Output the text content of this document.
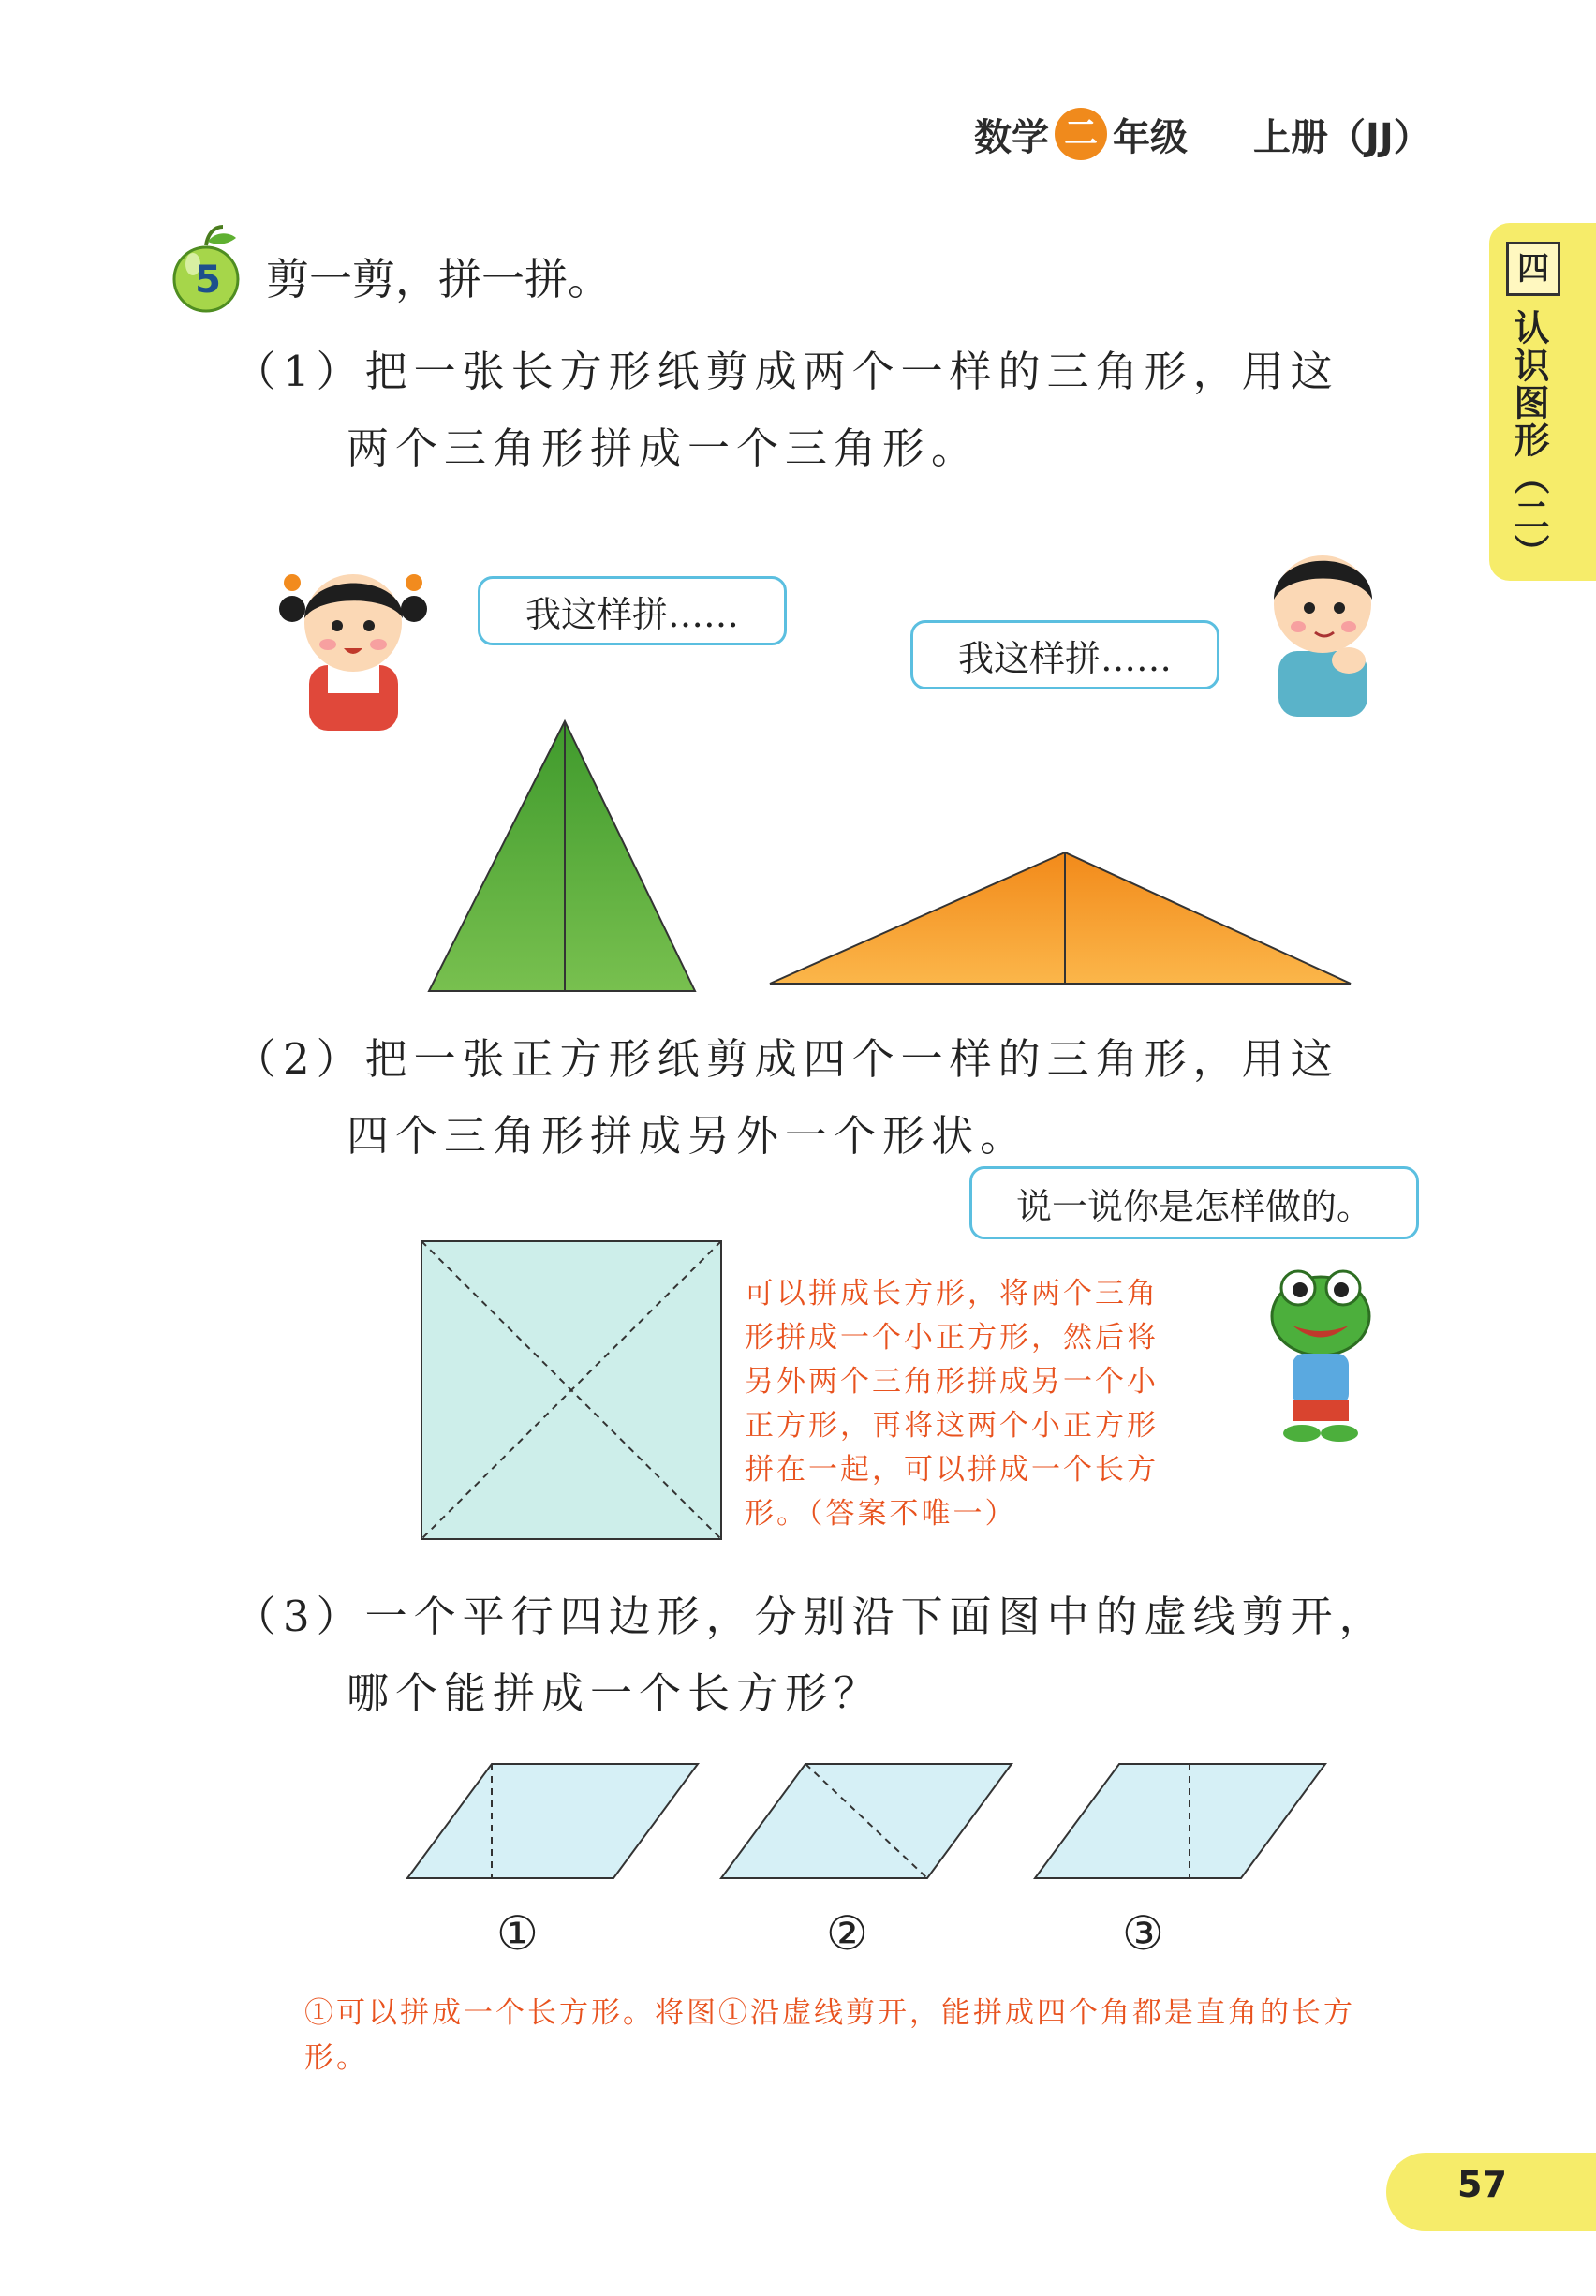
数学 二 年级 上册（JJ）
四
认识图形（二）
5 剪一剪，拼一拼。
（1）把一张长方形纸剪成两个一样的三角形，用这
两个三角形拼成一个三角形。
我这样拼……
我这样拼……
（2）把一张正方形纸剪成四个一样的三角形，用这
四个三角形拼成另外一个形状。
说一说你是怎样做的。
可以拼成长方形，将两个三角
形拼成一个小正方形，然后将
另外两个三角形拼成另一个小
正方形，再将这两个小正方形
拼在一起，可以拼成一个长方
形。（答案不唯一）
（3）一个平行四边形，分别沿下面图中的虚线剪开，
哪个能拼成一个长方形？
①	②	③
①可以拼成一个长方形。将图①沿虚线剪开，能拼成四个角都是直角的长方
形。
57
